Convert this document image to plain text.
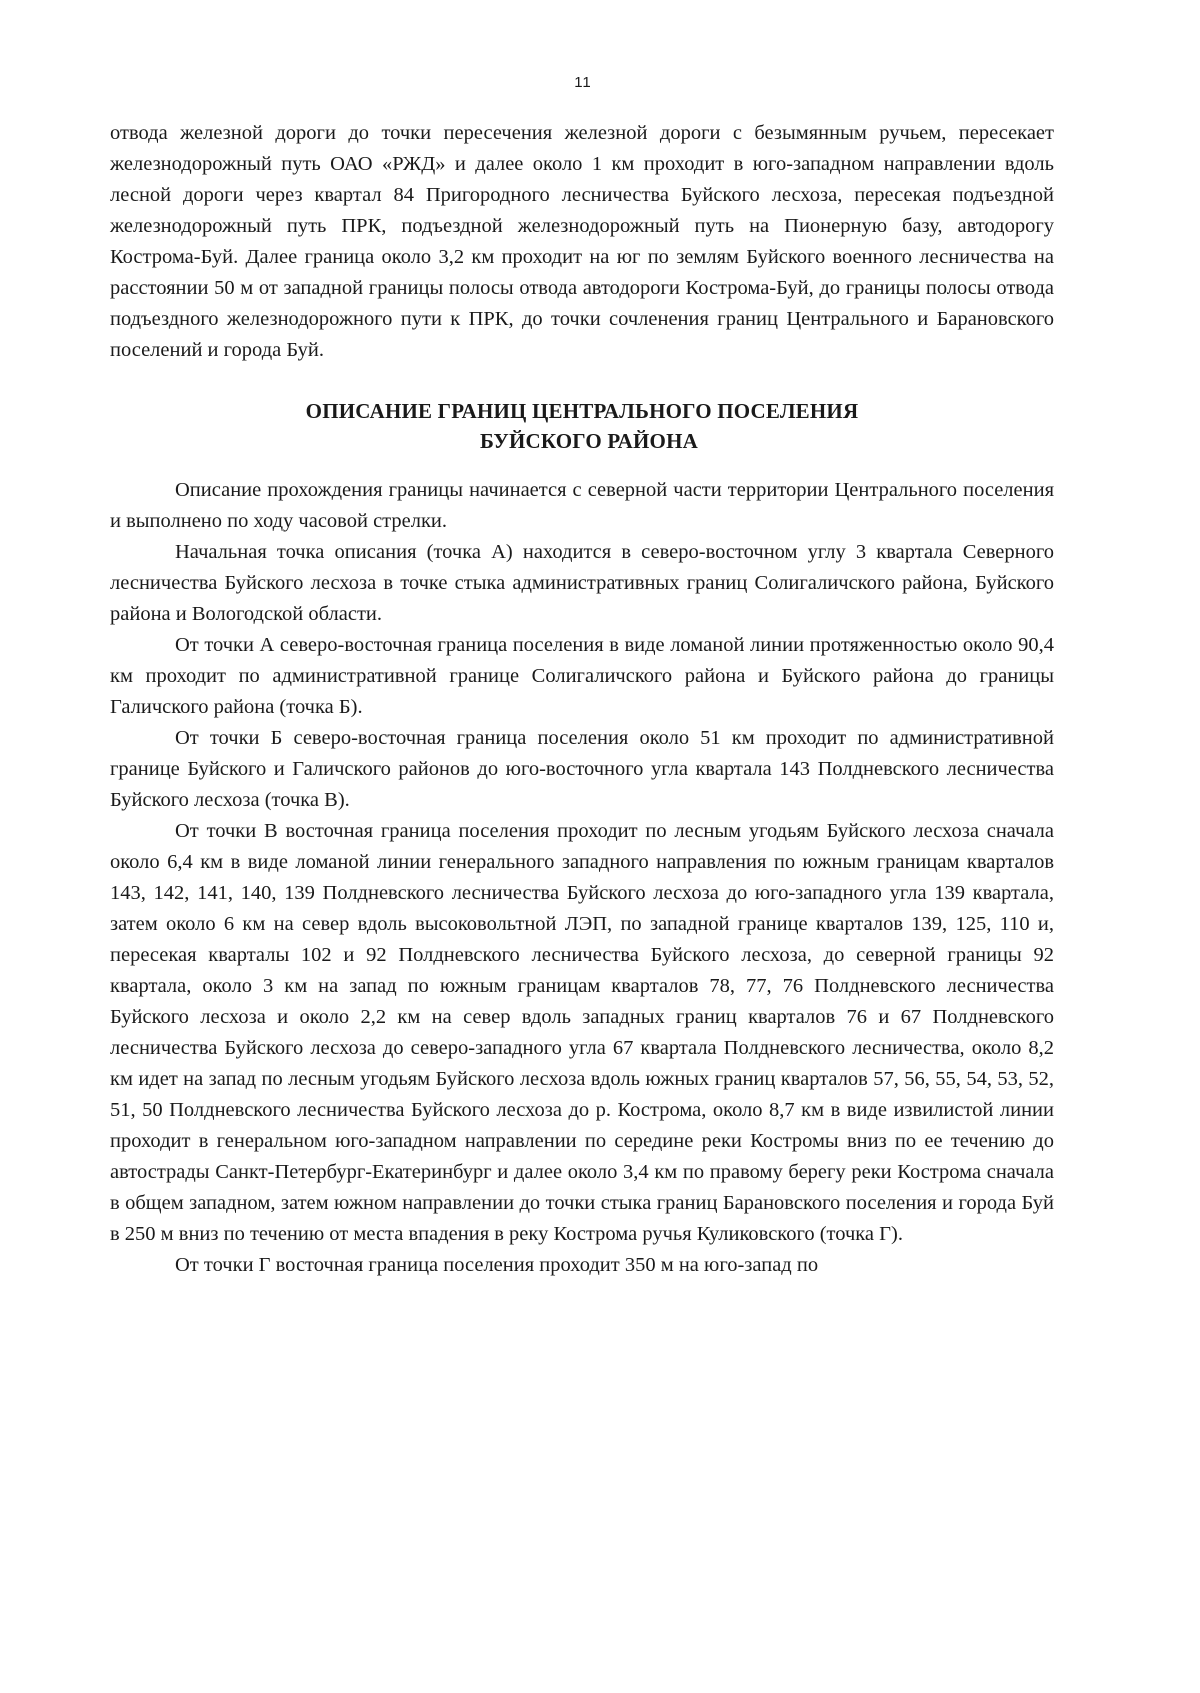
11

отвода железной дороги до точки пересечения железной дороги с безымянным ручьем, пересекает железнодорожный путь ОАО «РЖД» и далее около 1 км проходит в юго-западном направлении вдоль лесной дороги через квартал 84 Пригородного лесничества Буйского лесхоза, пересекая подъездной железнодорожный путь ПРК, подъездной железнодорожный путь на Пионерную базу, автодорогу Кострома-Буй. Далее граница около 3,2 км проходит на юг по землям Буйского военного лесничества на расстоянии 50 м от западной границы полосы отвода автодороги Кострома-Буй, до границы полосы отвода подъездного железнодорожного пути к ПРК, до точки сочленения границ Центрального и Барановского поселений и города Буй.

ОПИСАНИЕ ГРАНИЦ ЦЕНТРАЛЬНОГО ПОСЕЛЕНИЯ
БУЙСКОГО РАЙОНА

Описание прохождения границы начинается с северной части территории Центрального поселения и выполнено по ходу часовой стрелки.

Начальная точка описания (точка А) находится в северо-восточном углу 3 квартала Северного лесничества Буйского лесхоза в точке стыка административных границ Солигаличского района, Буйского района и Вологодской области.

От точки А северо-восточная граница поселения в виде ломаной линии протяженностью около 90,4 км проходит по административной границе Солигаличского района и Буйского района до границы Галичского района (точка Б).

От точки Б северо-восточная граница поселения около 51 км проходит по административной границе Буйского и Галичского районов до юго-восточного угла квартала 143 Полдневского лесничества Буйского лесхоза (точка В).

От точки В восточная граница поселения проходит по лесным угодьям Буйского лесхоза сначала около 6,4 км в виде ломаной линии генерального западного направления по южным границам кварталов 143, 142, 141, 140, 139 Полдневского лесничества Буйского лесхоза до юго-западного угла 139 квартала, затем около 6 км на север вдоль высоковольтной ЛЭП, по западной границе кварталов 139, 125, 110 и, пересекая кварталы 102 и 92 Полдневского лесничества Буйского лесхоза, до северной границы 92 квартала, около 3 км на запад по южным границам кварталов 78, 77, 76 Полдневского лесничества Буйского лесхоза и около 2,2 км на север вдоль западных границ кварталов 76 и 67 Полдневского лесничества Буйского лесхоза до северо-западного угла 67 квартала Полдневского лесничества, около 8,2 км идет на запад по лесным угодьям Буйского лесхоза вдоль южных границ кварталов 57, 56, 55, 54, 53, 52, 51, 50 Полдневского лесничества Буйского лесхоза до р. Кострома, около 8,7 км в виде извилистой линии проходит в генеральном юго-западном направлении по середине реки Костромы вниз по ее течению до автострады Санкт-Петербург-Екатеринбург и далее около 3,4 км по правому берегу реки Кострома сначала в общем западном, затем южном направлении до точки стыка границ Барановского поселения и города Буй в 250 м вниз по течению от места впадения в реку Кострома ручья Куликовского (точка Г).

От точки Г восточная граница поселения проходит 350 м на юго-запад по
